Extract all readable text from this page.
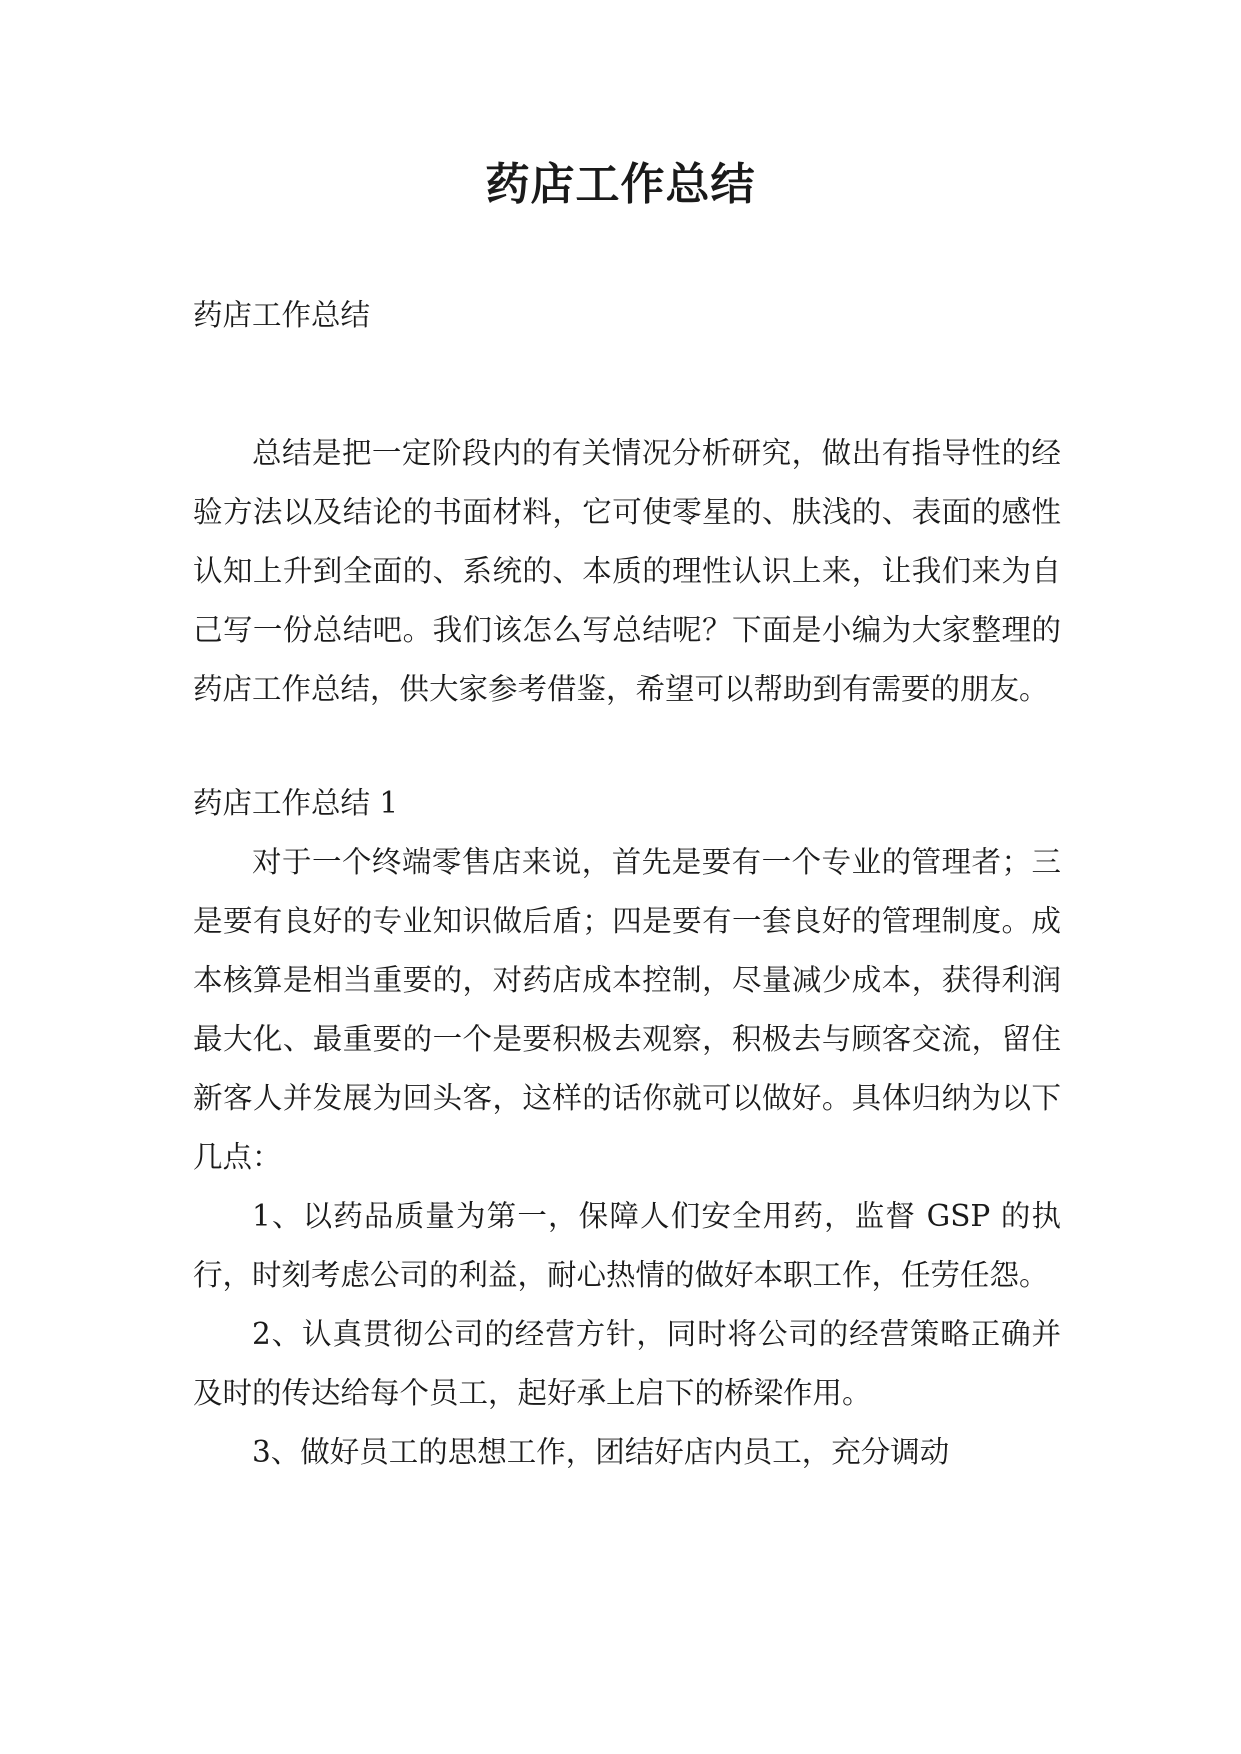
药店工作总结

药店工作总结

总结是把一定阶段内的有关情况分析研究，做出有指导性的经验方法以及结论的书面材料，它可使零星的、肤浅的、表面的感性认知上升到全面的、系统的、本质的理性认识上来，让我们来为自己写一份总结吧。我们该怎么写总结呢？下面是小编为大家整理的药店工作总结，供大家参考借鉴，希望可以帮助到有需要的朋友。

药店工作总结 1

对于一个终端零售店来说，首先是要有一个专业的管理者；三是要有良好的专业知识做后盾；四是要有一套良好的管理制度。成本核算是相当重要的，对药店成本控制，尽量减少成本，获得利润最大化、最重要的一个是要积极去观察，积极去与顾客交流，留住新客人并发展为回头客，这样的话你就可以做好。具体归纳为以下几点：

1、以药品质量为第一，保障人们安全用药，监督 GSP 的执行，时刻考虑公司的利益，耐心热情的做好本职工作，任劳任怨。

2、认真贯彻公司的经营方针，同时将公司的经营策略正确并及时的传达给每个员工，起好承上启下的桥梁作用。

3、做好员工的思想工作，团结好店内员工，充分调动
